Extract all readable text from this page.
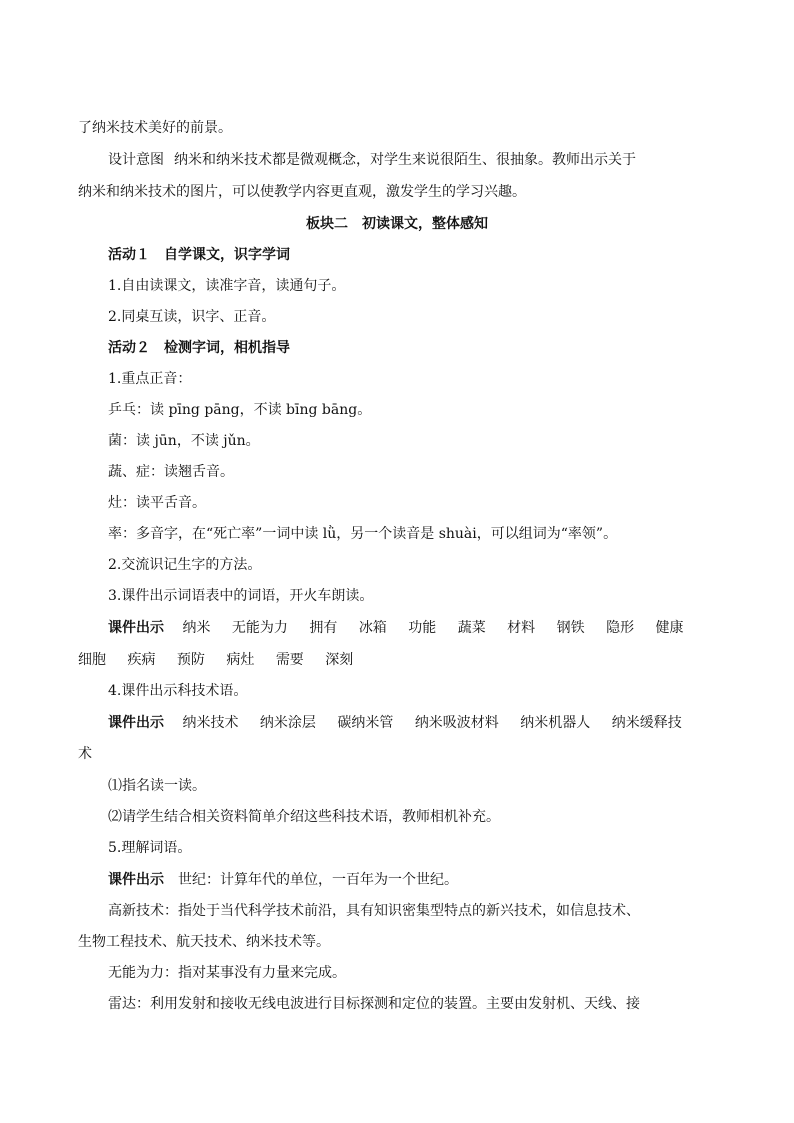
了纳米技术美好的前景。
设计意图 纳米和纳米技术都是微观概念，对学生来说很陌生、很抽象。教师出示关于
纳米和纳米技术的图片，可以使教学内容更直观，激发学生的学习兴趣。
板块二　初读课文，整体感知
活动１　自学课文，识字学词
1.自由读课文，读准字音，读通句子。
2.同桌互读，识字、正音。
活动２　检测字词，相机指导
1.重点正音：
乒乓：读 pīng pāng，不读 bīng bāng。
菌：读 jūn，不读 jǔn。
蔬、症：读翘舌音。
灶：读平舌音。
率：多音字，在“死亡率”一词中读 lǜ，另一个读音是 shuài，可以组词为“率领”。
2.交流识记生字的方法。
3.课件出示词语表中的词语，开火车朗读。
课件出示 纳米 无能为力 拥有 冰箱 功能 蔬菜 材料 钢铁 隐形 健康
细胞 疾病 预防 病灶 需要 深刻
4.课件出示科技术语。
课件出示 纳米技术 纳米涂层 碳纳米管 纳米吸波材料 纳米机器人 纳米缓释技
术
⑴指名读一读。
⑵请学生结合相关资料简单介绍这些科技术语，教师相机补充。
5.理解词语。
课件出示 世纪：计算年代的单位，一百年为一个世纪。
高新技术：指处于当代科学技术前沿，具有知识密集型特点的新兴技术，如信息技术、
生物工程技术、航天技术、纳米技术等。
无能为力：指对某事没有力量来完成。
雷达：利用发射和接收无线电波进行目标探测和定位的装置。主要由发射机、天线、接
